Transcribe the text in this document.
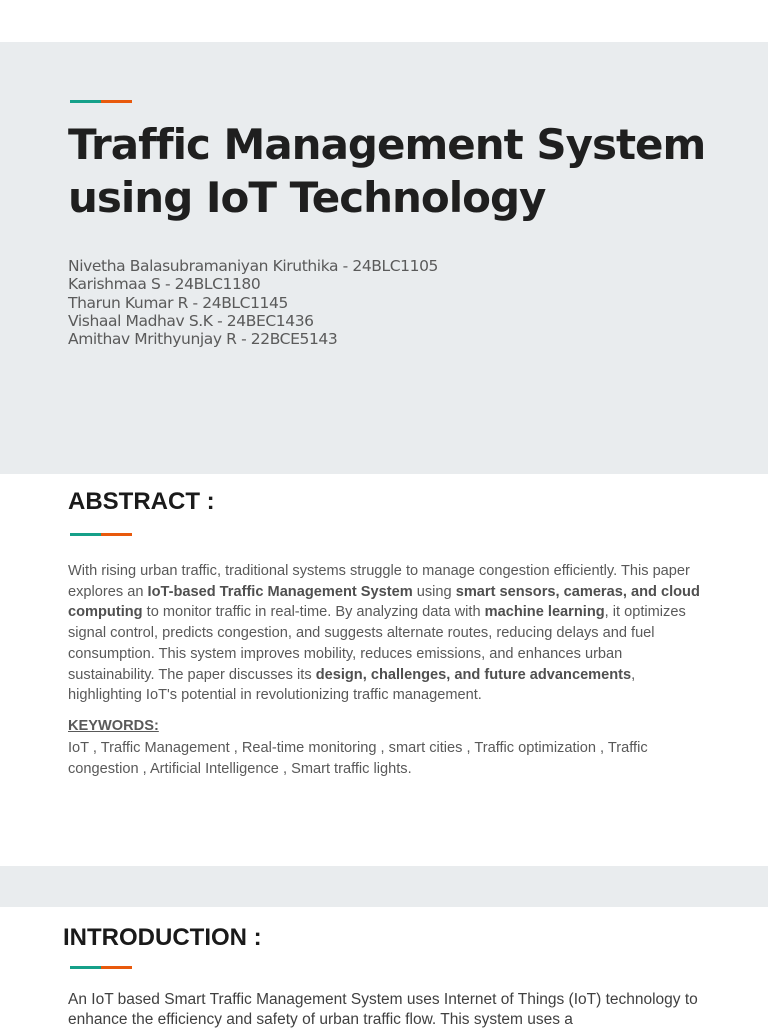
Traffic Management System using IoT Technology
Nivetha Balasubramaniyan Kiruthika - 24BLC1105
Karishmaa S - 24BLC1180
Tharun Kumar R - 24BLC1145
Vishaal Madhav S.K - 24BEC1436
Amithav Mrithyunjay R - 22BCE5143
ABSTRACT :

With rising urban traffic, traditional systems struggle to manage congestion efficiently. This paper explores an IoT-based Traffic Management System using smart sensors, cameras, and cloud computing to monitor traffic in real-time. By analyzing data with machine learning, it optimizes signal control, predicts congestion, and suggests alternate routes, reducing delays and fuel consumption. This system improves mobility, reduces emissions, and enhances urban sustainability. The paper discusses its design, challenges, and future advancements, highlighting IoT's potential in revolutionizing traffic management.

KEYWORDS:

IoT , Traffic Management , Real-time monitoring , smart cities , Traffic optimization , Traffic congestion , Artificial Intelligence , Smart traffic lights.

INTRODUCTION :

An IoT based Smart Traffic Management System uses Internet of Things (IoT) technology to enhance the efficiency and safety of urban traffic flow. This system uses a
